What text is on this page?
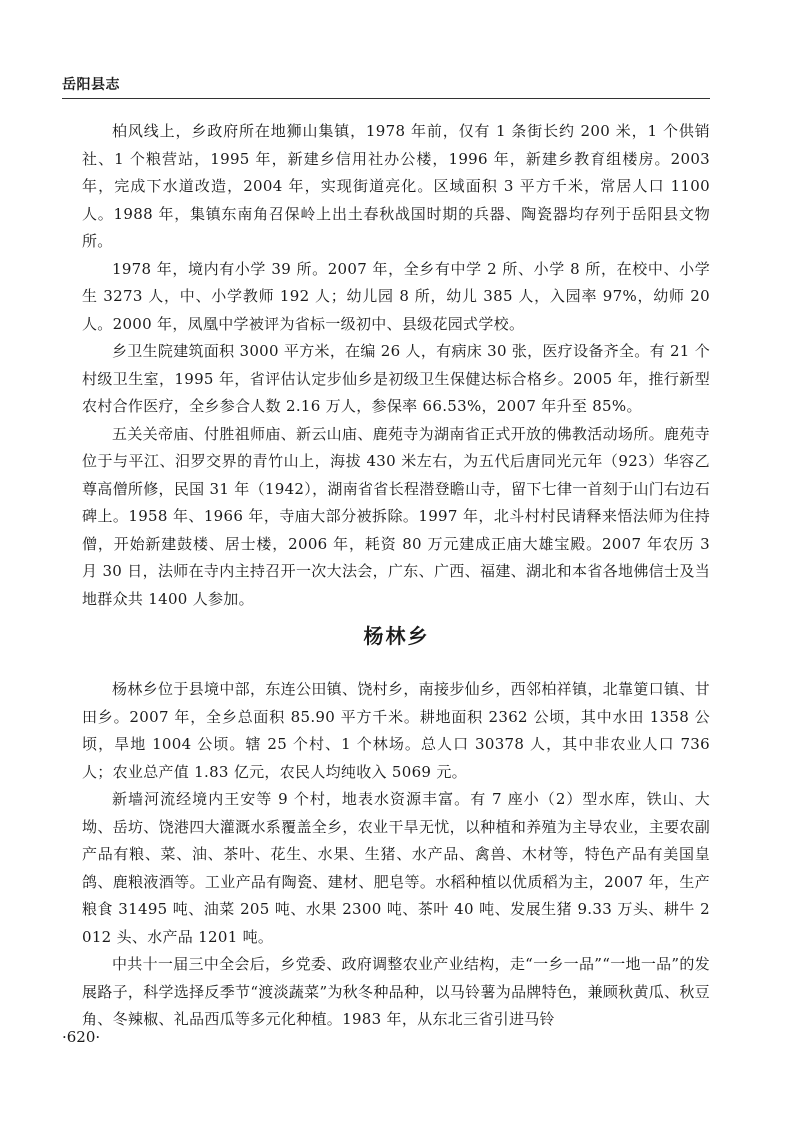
岳阳县志

柏风线上，乡政府所在地狮山集镇，1978 年前，仅有 1 条街长约 200 米，1 个供销社、1 个粮营站，1995 年，新建乡信用社办公楼，1996 年，新建乡教育组楼房。2003 年，完成下水道改造，2004 年，实现街道亮化。区域面积 3 平方千米，常居人口 1100 人。1988 年，集镇东南角召保岭上出土春秋战国时期的兵器、陶瓷器均存列于岳阳县文物所。

1978 年，境内有小学 39 所。2007 年，全乡有中学 2 所、小学 8 所，在校中、小学生 3273 人，中、小学教师 192 人；幼儿园 8 所，幼儿 385 人，入园率 97%，幼师 20 人。2000 年，凤凰中学被评为省标一级初中、县级花园式学校。

乡卫生院建筑面积 3000 平方米，在编 26 人，有病床 30 张，医疗设备齐全。有 21 个村级卫生室，1995 年，省评估认定步仙乡是初级卫生保健达标合格乡。2005 年，推行新型农村合作医疗，全乡参合人数 2.16 万人，参保率 66.53%，2007 年升至 85%。

五关关帝庙、付胜祖师庙、新云山庙、鹿苑寺为湖南省正式开放的佛教活动场所。鹿苑寺位于与平江、汨罗交界的青竹山上，海拔 430 米左右，为五代后唐同光元年（923）华容乙尊高僧所修，民国 31 年（1942），湖南省省长程潜登瞻山寺，留下七律一首刻于山门右边石碑上。1958 年、1966 年，寺庙大部分被拆除。1997 年，北斗村村民请释来悟法师为住持僧，开始新建鼓楼、居士楼，2006 年，耗资 80 万元建成正庙大雄宝殿。2007 年农历 3 月 30 日，法师在寺内主持召开一次大法会，广东、广西、福建、湖北和本省各地佛信士及当地群众共 1400 人参加。

杨林乡

杨林乡位于县境中部，东连公田镇、饶村乡，南接步仙乡，西邻柏祥镇，北靠筻口镇、甘田乡。2007 年，全乡总面积 85.90 平方千米。耕地面积 2362 公顷，其中水田 1358 公顷，旱地 1004 公顷。辖 25 个村、1 个林场。总人口 30378 人，其中非农业人口 736 人；农业总产值 1.83 亿元，农民人均纯收入 5069 元。

新墙河流经境内王安等 9 个村，地表水资源丰富。有 7 座小（2）型水库，铁山、大坳、岳坊、饶港四大灌溉水系覆盖全乡，农业干旱无忧，以种植和养殖为主导农业，主要农副产品有粮、菜、油、茶叶、花生、水果、生猪、水产品、禽兽、木材等，特色产品有美国皇鸽、鹿粮液酒等。工业产品有陶瓷、建材、肥皂等。水稻种植以优质稻为主，2007 年，生产粮食 31495 吨、油菜 205 吨、水果 2300 吨、茶叶 40 吨、发展生猪 9.33 万头、耕牛 2012 头、水产品 1201 吨。

中共十一届三中全会后，乡党委、政府调整农业产业结构，走“一乡一品”“一地一品”的发展路子，科学选择反季节“渡淡蔬菜”为秋冬种品种，以马铃薯为品牌特色，兼顾秋黄瓜、秋豆角、冬辣椒、礼品西瓜等多元化种植。1983 年，从东北三省引进马铃

·620·
